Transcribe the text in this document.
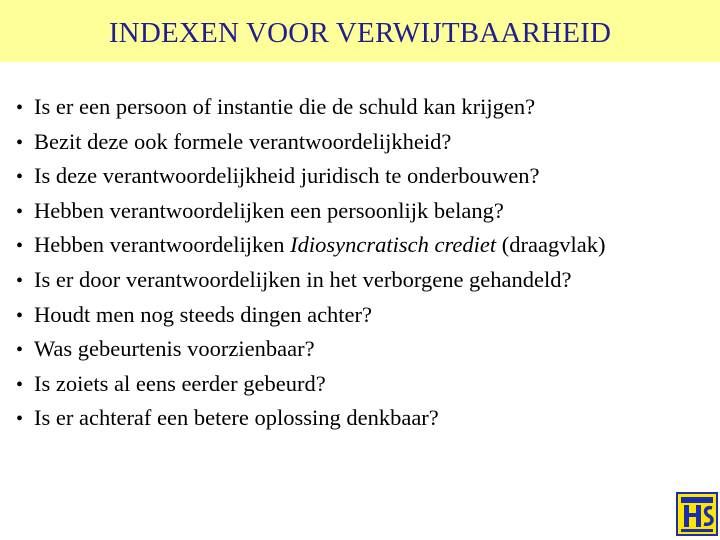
INDEXEN VOOR VERWIJTBAARHEID
• Is er een persoon of instantie die de schuld kan krijgen?
• Bezit deze ook formele verantwoordelijkheid?
• Is deze verantwoordelijkheid juridisch te onderbouwen?
• Hebben verantwoordelijken een persoonlijk belang?
• Hebben verantwoordelijken Idiosyncratisch crediet (draagvlak)
• Is er door verantwoordelijken in het verborgene gehandeld?
• Houdt men nog steeds dingen achter?
• Was gebeurtenis voorzienbaar?
• Is zoiets al eens eerder gebeurd?
• Is er achteraf een betere oplossing denkbaar?
